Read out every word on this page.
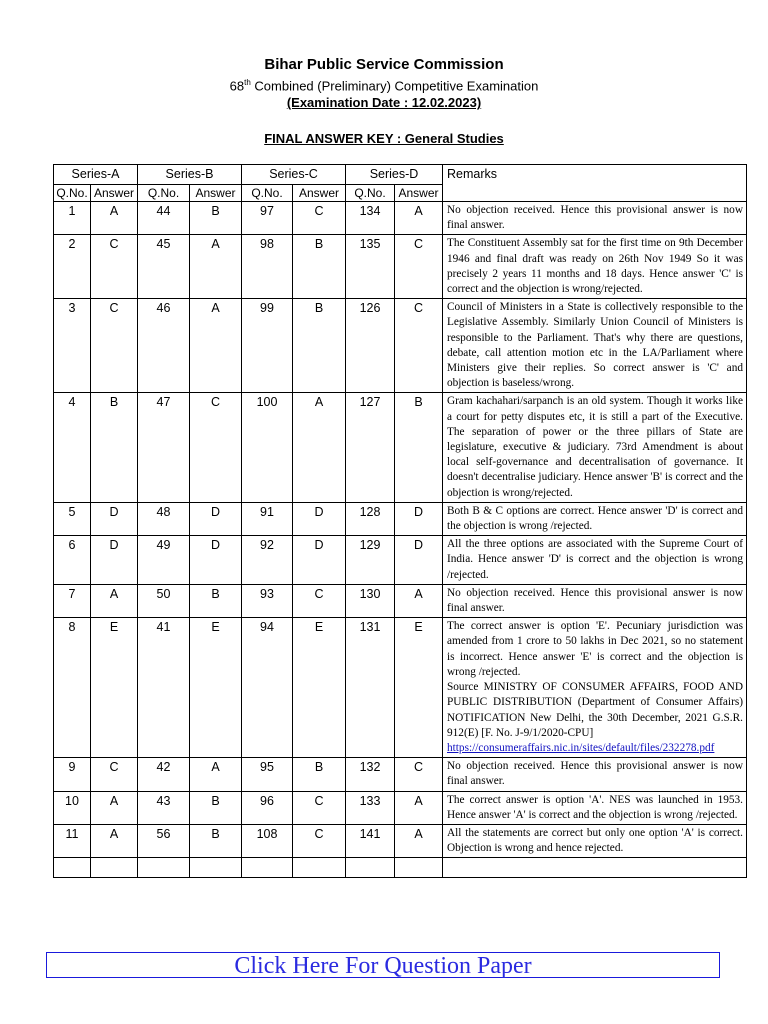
Bihar Public Service Commission
68th Combined (Preliminary) Competitive Examination
(Examination Date : 12.02.2023)
FINAL ANSWER KEY : General Studies
Series-A		Series-B		Series-C		Series-D		Remarks
Q.No.	Answer	Q.No.	Answer	Q.No.	Answer	Q.No.	Answer	
1	A	44	B	97	C	134	A	No objection received. Hence this provisional answer is now final answer.

2	C	45	A	98	B	135	C	The Constituent Assembly sat for the first time on 9th December 1946 and final draft was ready on 26th Nov 1949 So it was precisely 2 years 11 months and 18 days. Hence answer 'C' is correct and the objection is wrong/rejected.

3	C	46	A	99	B	126	C	Council of Ministers in a State is collectively responsible to the Legislative Assembly. Similarly Union Council of Ministers is responsible to the Parliament. That's why there are questions, debate, call attention motion etc in the LA/Parliament where Ministers give their replies. So correct answer is 'C' and objection is baseless/wrong.

4	B	47	C	100	A	127	B	Gram kachahari/sarpanch is an old system. Though it works like a court for petty disputes etc, it is still a part of the Executive. The separation of power or the three pillars of State are legislature, executive & judiciary. 73rd Amendment is about local self-governance and decentralisation of governance. It doesn't decentralise judiciary. Hence answer 'B' is correct and the objection is wrong/rejected.

5	D	48	D	91	D	128	D	Both B & C options are correct. Hence answer 'D' is correct and the objection is wrong /rejected.

6	D	49	D	92	D	129	D	All the three options are associated with the Supreme Court of India. Hence answer 'D' is correct and the objection is wrong /rejected.

7	A	50	B	93	C	130	A	No objection received. Hence this provisional answer is now final answer.

8	E	41	E	94	E	131	E	The correct answer is option 'E'. Pecuniary jurisdiction was amended from 1 crore to 50 lakhs in Dec 2021, so no statement is incorrect. Hence answer 'E' is correct and the objection is wrong /rejected.
Source MINISTRY OF CONSUMER AFFAIRS, FOOD AND PUBLIC DISTRIBUTION (Department of Consumer Affairs) NOTIFICATION New Delhi, the 30th December, 2021 G.S.R. 912(E) [F. No. J-9/1/2020-CPU]
https://consumeraffairs.nic.in/sites/default/files/232278.pdf

9	C	42	A	95	B	132	C	No objection received. Hence this provisional answer is now final answer.

10	A	43	B	96	C	133	A	The correct answer is option 'A'. NES was launched in 1953. Hence answer 'A' is correct and the objection is wrong /rejected.

11	A	56	B	108	C	141	A	All the statements are correct but only one option 'A' is correct. Objection is wrong and hence rejected.

Click Here For Question Paper
